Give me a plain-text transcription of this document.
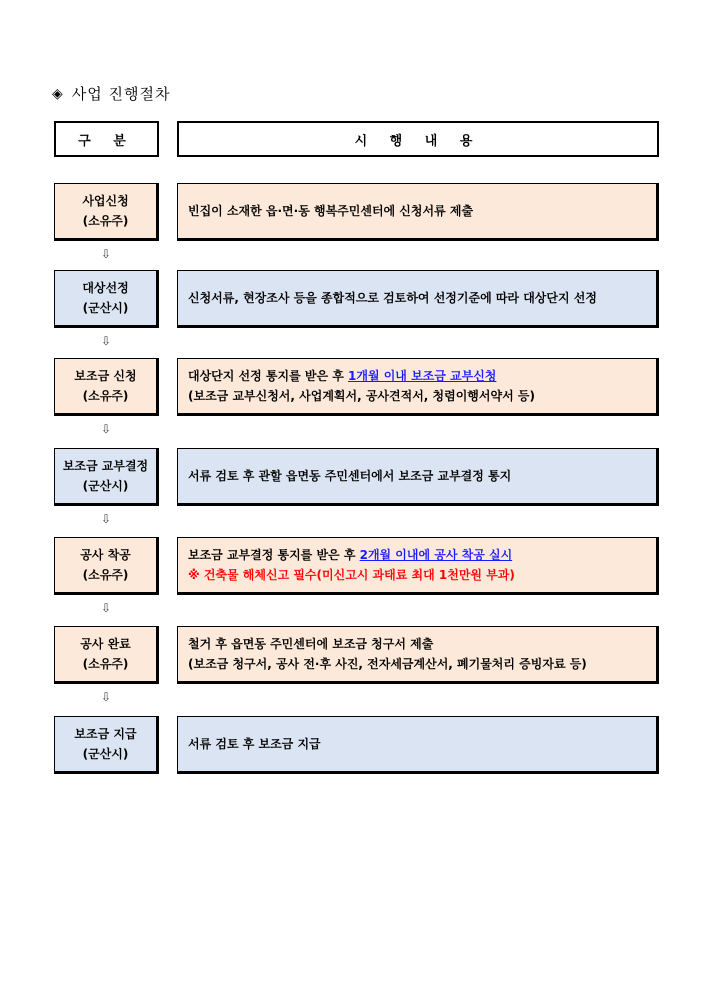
◈ 사업 진행절차
구 분	시 행 내 용
사업신청
(소유주)
빈집이 소재한 읍·면·동 행복주민센터에 신청서류 제출
⇩
대상선정
(군산시)
신청서류, 현장조사 등을 종합적으로 검토하여 선정기준에 따라 대상단지 선정
⇩
보조금 신청
(소유주)
대상단지 선정 통지를 받은 후 1개월 이내 보조금 교부신청
(보조금 교부신청서, 사업계획서, 공사견적서, 청렴이행서약서 등)
⇩
보조금 교부결정
(군산시)
서류 검토 후 관할 읍면동 주민센터에서 보조금 교부결정 통지
⇩
공사 착공
(소유주)
보조금 교부결정 통지를 받은 후 2개월 이내에 공사 착공 실시
※ 건축물 해체신고 필수(미신고시 과태료 최대 1천만원 부과)
⇩
공사 완료
(소유주)
철거 후 읍면동 주민센터에 보조금 청구서 제출
(보조금 청구서, 공사 전·후 사진, 전자세금계산서, 폐기물처리 증빙자료 등)
⇩
보조금 지급
(군산시)
서류 검토 후 보조금 지급
